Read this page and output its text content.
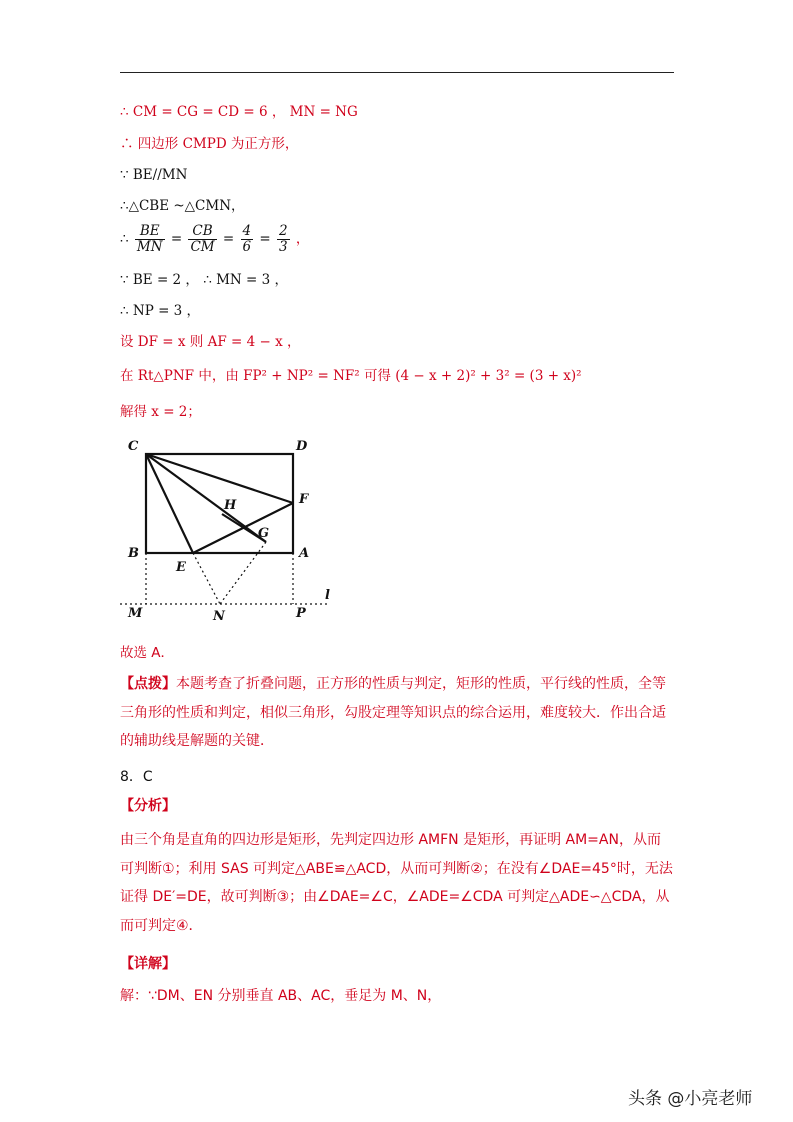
∴ CM = CG = CD = 6 ， MN = NG
∴ 四边形 CMPD 为正方形，
∵ BE//MN
∴△CBE ~△CMN，
∴ $\frac{BE}{MN} = \frac{CB}{CM} = \frac{4}{6} = \frac{2}{3}$ ，
∵ BE = 2 ， ∴ MN = 3 ，
∴ NP = 3 ，
设 DF = x 则 AF = 4 − x ，
在 Rt△PNF 中，由 FP² + NP² = NF² 可得 (4 − x + 2)² + 3² = (3 + x)²
解得 x = 2；
C	D
F
H
G
B	A
E
M	N	P
l
故选 A．
【点拨】本题考查了折叠问题，正方形的性质与判定，矩形的性质，平行线的性质，全等三角形的性质和判定，相似三角形，勾股定理等知识点的综合运用，难度较大．作出合适的辅助线是解题的关键．
8．C
【分析】
由三个角是直角的四边形是矩形，先判定四边形 AMFN 是矩形，再证明 AM=AN，从而可判断①；利用 SAS 可判定△ABE≌△ACD，从而可判断②；在没有∠DAE=45°时，无法证得 DE′=DE，故可判断③；由∠DAE=∠C，∠ADE=∠CDA 可判定△ADE∽△CDA，从而可判定④．
【详解】
解：∵DM、EN 分别垂直 AB、AC，垂足为 M、N，
头条 @小亮老师
